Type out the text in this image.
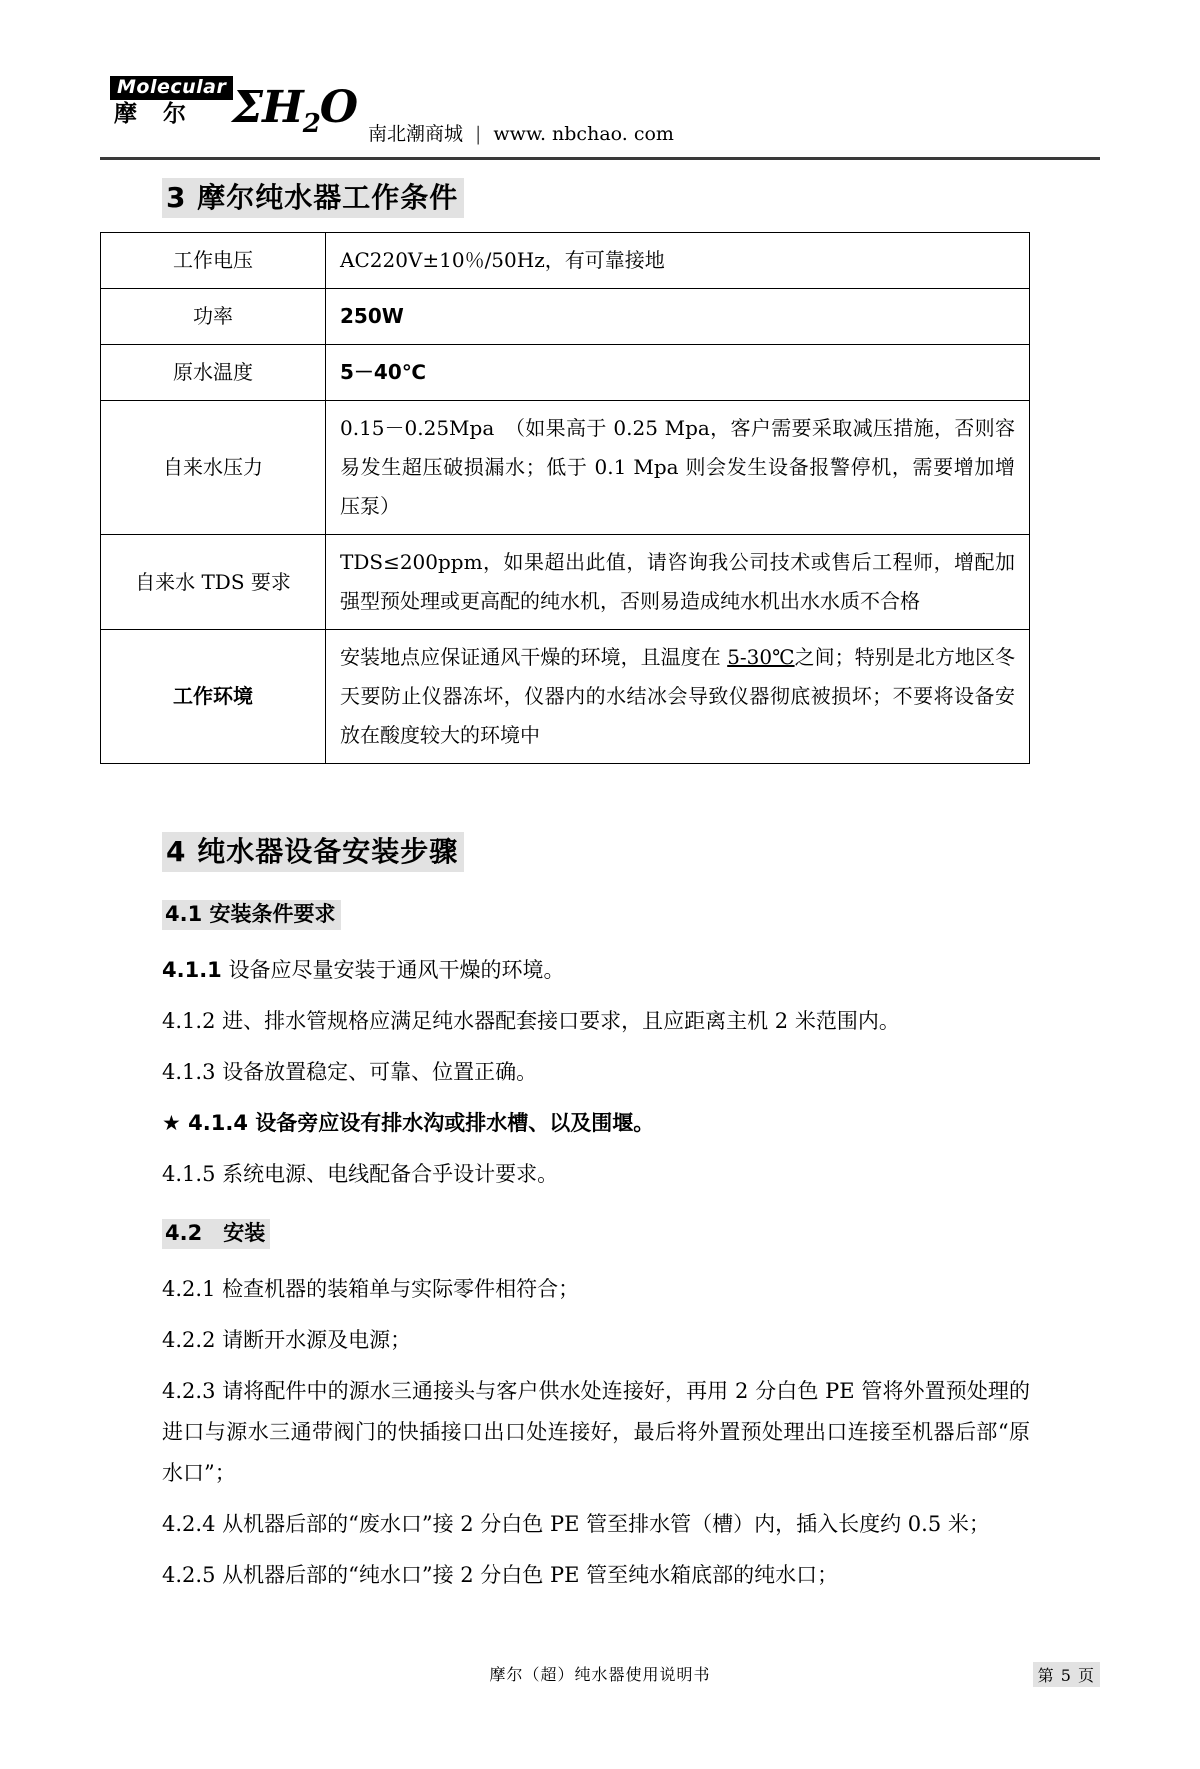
Molecular
摩尔 $\Sigma H_2O$
南北潮商城 | www. nbchao. com
3 摩尔纯水器工作条件
工作电压	AC220V±10％/50Hz，有可靠接地
功率	250W
原水温度	5－40℃
自来水压力	0.15－0.25Mpa　（如果高于 0.25 Mpa，客户需要采取减压措施，否则容易发生超压破损漏水；低于 0.1 Mpa 则会发生设备报警停机，需要增加增压泵）
自来水 TDS 要求	TDS≤200ppm，如果超出此值，请咨询我公司技术或售后工程师，增配加强型预处理或更高配的纯水机，否则易造成纯水机出水水质不合格
工作环境	安装地点应保证通风干燥的环境，且温度在 5-30℃之间；特别是北方地区冬天要防止仪器冻坏，仪器内的水结冰会导致仪器彻底被损坏；不要将设备安放在酸度较大的环境中
4 纯水器设备安装步骤
4.1 安装条件要求

4.1.1 设备应尽量安装于通风干燥的环境。

4.1.2 进、排水管规格应满足纯水器配套接口要求，且应距离主机 2 米范围内。

4.1.3 设备放置稳定、可靠、位置正确。

★ 4.1.4 设备旁应设有排水沟或排水槽、以及围堰。

4.1.5 系统电源、电线配备合乎设计要求。

4.2　安装

4.2.1 检查机器的装箱单与实际零件相符合；

4.2.2 请断开水源及电源；

4.2.3 请将配件中的源水三通接头与客户供水处连接好，再用 2 分白色 PE 管将外置预处理的进口与源水三通带阀门的快插接口出口处连接好，最后将外置预处理出口连接至机器后部“原水口”；

4.2.4 从机器后部的“废水口”接 2 分白色 PE 管至排水管（槽）内，插入长度约 0.5 米；

4.2.5 从机器后部的“纯水口”接 2 分白色 PE 管至纯水箱底部的纯水口；

摩尔（超）纯水器使用说明书	第 5 页
